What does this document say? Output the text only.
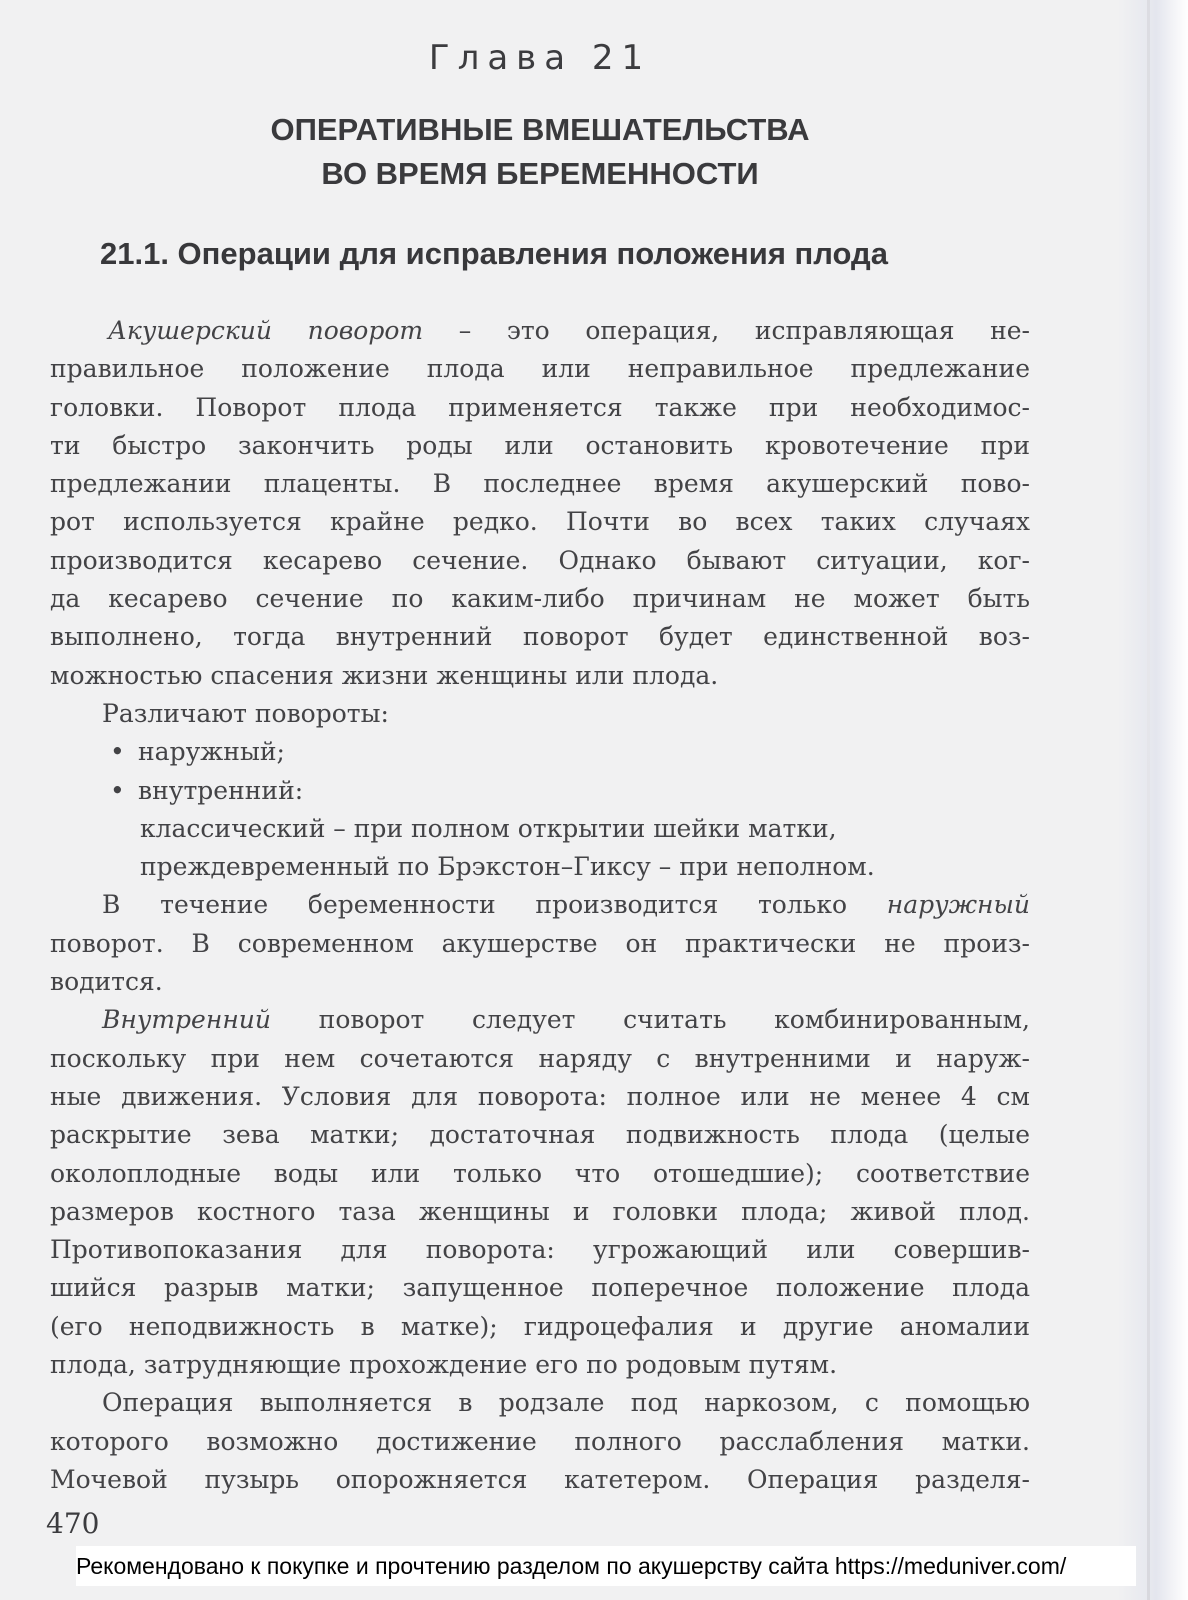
Глава 21
ОПЕРАТИВНЫЕ ВМЕШАТЕЛЬСТВА
ВО ВРЕМЯ БЕРЕМЕННОСТИ
21.1. Операции для исправления положения плода
Акушерский поворот – это операция, исправляющая не-
правильное положение плода или неправильное предлежание
головки. Поворот плода применяется также при необходимос-
ти быстро закончить роды или остановить кровотечение при
предлежании плаценты. В последнее время акушерский пово-
рот используется крайне редко. Почти во всех таких случаях
производится кесарево сечение. Однако бывают ситуации, ког-
да кесарево сечение по каким-либо причинам не может быть
выполнено, тогда внутренний поворот будет единственной воз-
можностью спасения жизни женщины или плода.
Различают повороты:
• наружный;
• внутренний:
классический – при полном открытии шейки матки,
преждевременный по Брэкстон–Гиксу – при неполном.
В течение беременности производится только наружный
поворот. В современном акушерстве он практически не произ-
водится.
Внутренний поворот следует считать комбинированным,
поскольку при нем сочетаются наряду с внутренними и наруж-
ные движения. Условия для поворота: полное или не менее 4 см
раскрытие зева матки; достаточная подвижность плода (целые
околоплодные воды или только что отошедшие); соответствие
размеров костного таза женщины и головки плода; живой плод.
Противопоказания для поворота: угрожающий или совершив-
шийся разрыв матки; запущенное поперечное положение плода
(его неподвижность в матке); гидроцефалия и другие аномалии
плода, затрудняющие прохождение его по родовым путям.
Операция выполняется в родзале под наркозом, с помощью
которого возможно достижение полного расслабления матки.
Мочевой пузырь опорожняется катетером. Операция разделя-
470
Рекомендовано к покупке и прочтению разделом по акушерству сайта https://meduniver.com/
